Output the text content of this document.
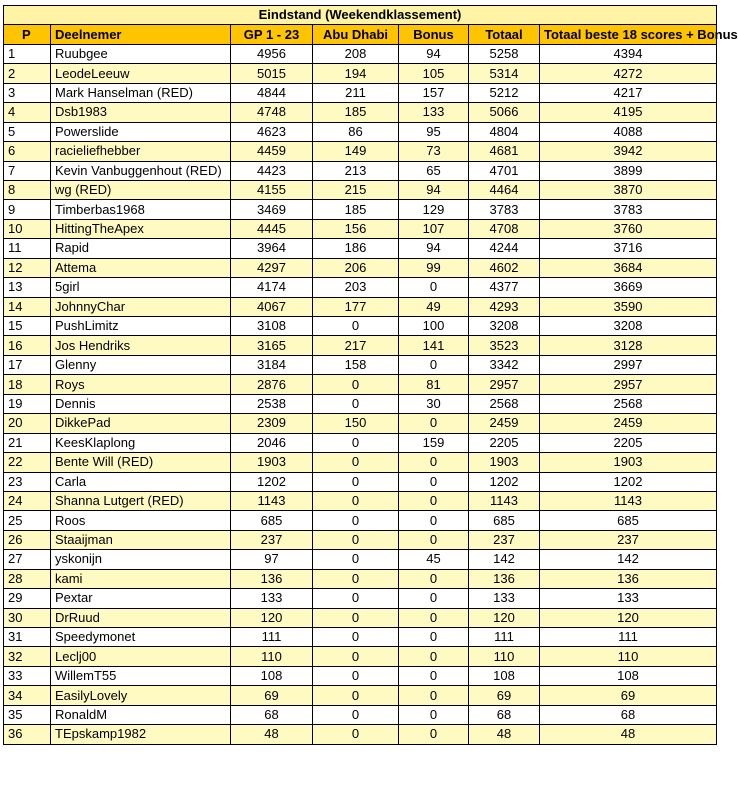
Eindstand (Weekendklassement)						
P	Deelnemer	GP 1 - 23	Abu Dhabi	Bonus	Totaal	Totaal beste 18 scores + Bonus
1	Ruubgee	4956	208	94	5258	4394
2	LeodeLeeuw	5015	194	105	5314	4272
3	Mark Hanselman (RED)	4844	211	157	5212	4217
4	Dsb1983	4748	185	133	5066	4195
5	Powerslide	4623	86	95	4804	4088
6	racieliefhebber	4459	149	73	4681	3942
7	Kevin Vanbuggenhout (RED)	4423	213	65	4701	3899
8	wg (RED)	4155	215	94	4464	3870
9	Timberbas1968	3469	185	129	3783	3783
10	HittingTheApex	4445	156	107	4708	3760
11	Rapid	3964	186	94	4244	3716
12	Attema	4297	206	99	4602	3684
13	5girl	4174	203	0	4377	3669
14	JohnnyChar	4067	177	49	4293	3590
15	PushLimitz	3108	0	100	3208	3208
16	Jos Hendriks	3165	217	141	3523	3128
17	Glenny	3184	158	0	3342	2997
18	Roys	2876	0	81	2957	2957
19	Dennis	2538	0	30	2568	2568
20	DikkePad	2309	150	0	2459	2459
21	KeesKlaplong	2046	0	159	2205	2205
22	Bente Will (RED)	1903	0	0	1903	1903
23	Carla	1202	0	0	1202	1202
24	Shanna Lutgert (RED)	1143	0	0	1143	1143
25	Roos	685	0	0	685	685
26	Staaijman	237	0	0	237	237
27	yskonijn	97	0	45	142	142
28	kami	136	0	0	136	136
29	Pextar	133	0	0	133	133
30	DrRuud	120	0	0	120	120
31	Speedymonet	111	0	0	111	111
32	Leclj00	110	0	0	110	110
33	WillemT55	108	0	0	108	108
34	EasilyLovely	69	0	0	69	69
35	RonaldM	68	0	0	68	68
36	TEpskamp1982	48	0	0	48	48
